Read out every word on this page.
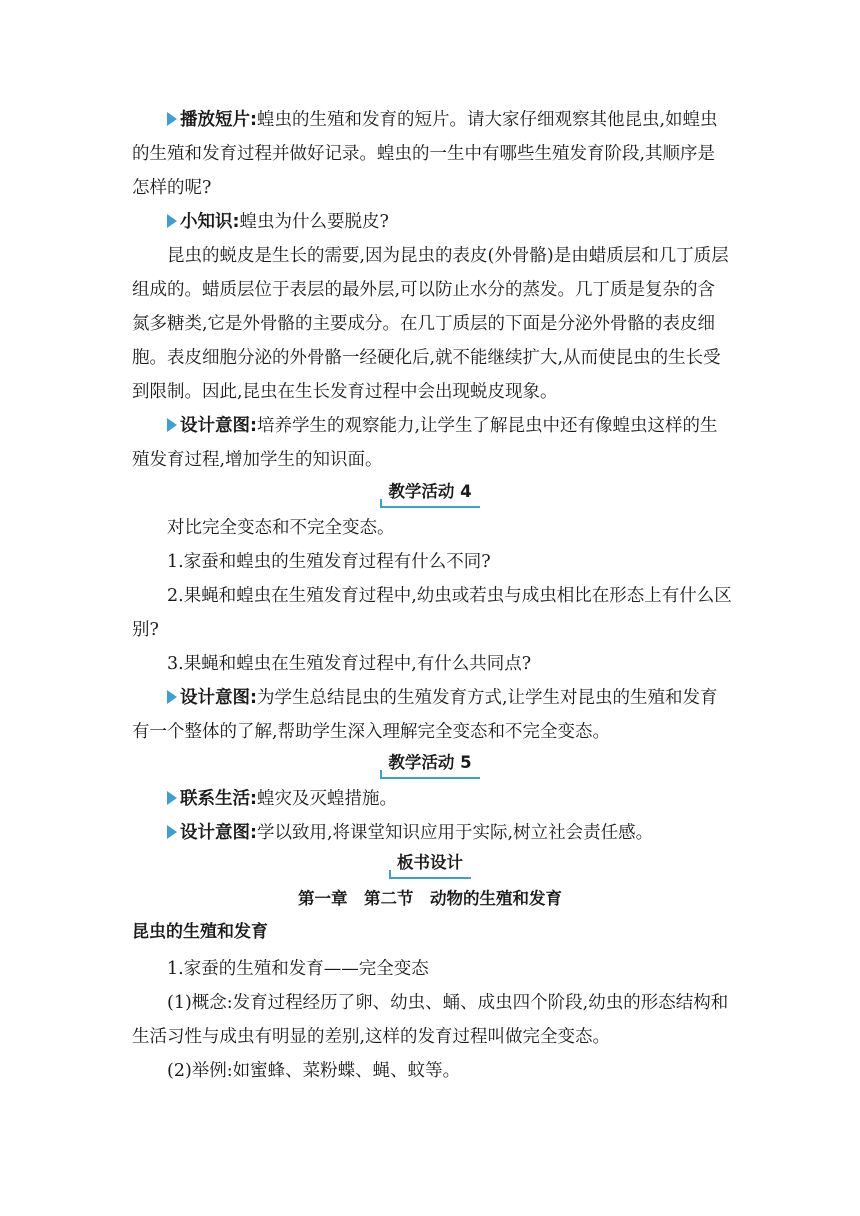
播放短片:蝗虫的生殖和发育的短片。请大家仔细观察其他昆虫,如蝗虫的生殖和发育过程并做好记录。蝗虫的一生中有哪些生殖发育阶段,其顺序是怎样的呢?

小知识:蝗虫为什么要脱皮?

昆虫的蜕皮是生长的需要,因为昆虫的表皮(外骨骼)是由蜡质层和几丁质层组成的。蜡质层位于表层的最外层,可以防止水分的蒸发。几丁质是复杂的含氮多糖类,它是外骨骼的主要成分。在几丁质层的下面是分泌外骨骼的表皮细胞。表皮细胞分泌的外骨骼一经硬化后,就不能继续扩大,从而使昆虫的生长受到限制。因此,昆虫在生长发育过程中会出现蜕皮现象。

设计意图:培养学生的观察能力,让学生了解昆虫中还有像蝗虫这样的生殖发育过程,增加学生的知识面。

教学活动 4

对比完全变态和不完全变态。

1.家蚕和蝗虫的生殖发育过程有什么不同?

2.果蝇和蝗虫在生殖发育过程中,幼虫或若虫与成虫相比在形态上有什么区别?

3.果蝇和蝗虫在生殖发育过程中,有什么共同点?

设计意图:为学生总结昆虫的生殖发育方式,让学生对昆虫的生殖和发育有一个整体的了解,帮助学生深入理解完全变态和不完全变态。

教学活动 5

联系生活:蝗灾及灭蝗措施。

设计意图:学以致用,将课堂知识应用于实际,树立社会责任感。

板书设计
第一章　第二节　动物的生殖和发育
昆虫的生殖和发育

1.家蚕的生殖和发育——完全变态

(1)概念:发育过程经历了卵、幼虫、蛹、成虫四个阶段,幼虫的形态结构和生活习性与成虫有明显的差别,这样的发育过程叫做完全变态。

(2)举例:如蜜蜂、菜粉蝶、蝇、蚊等。
